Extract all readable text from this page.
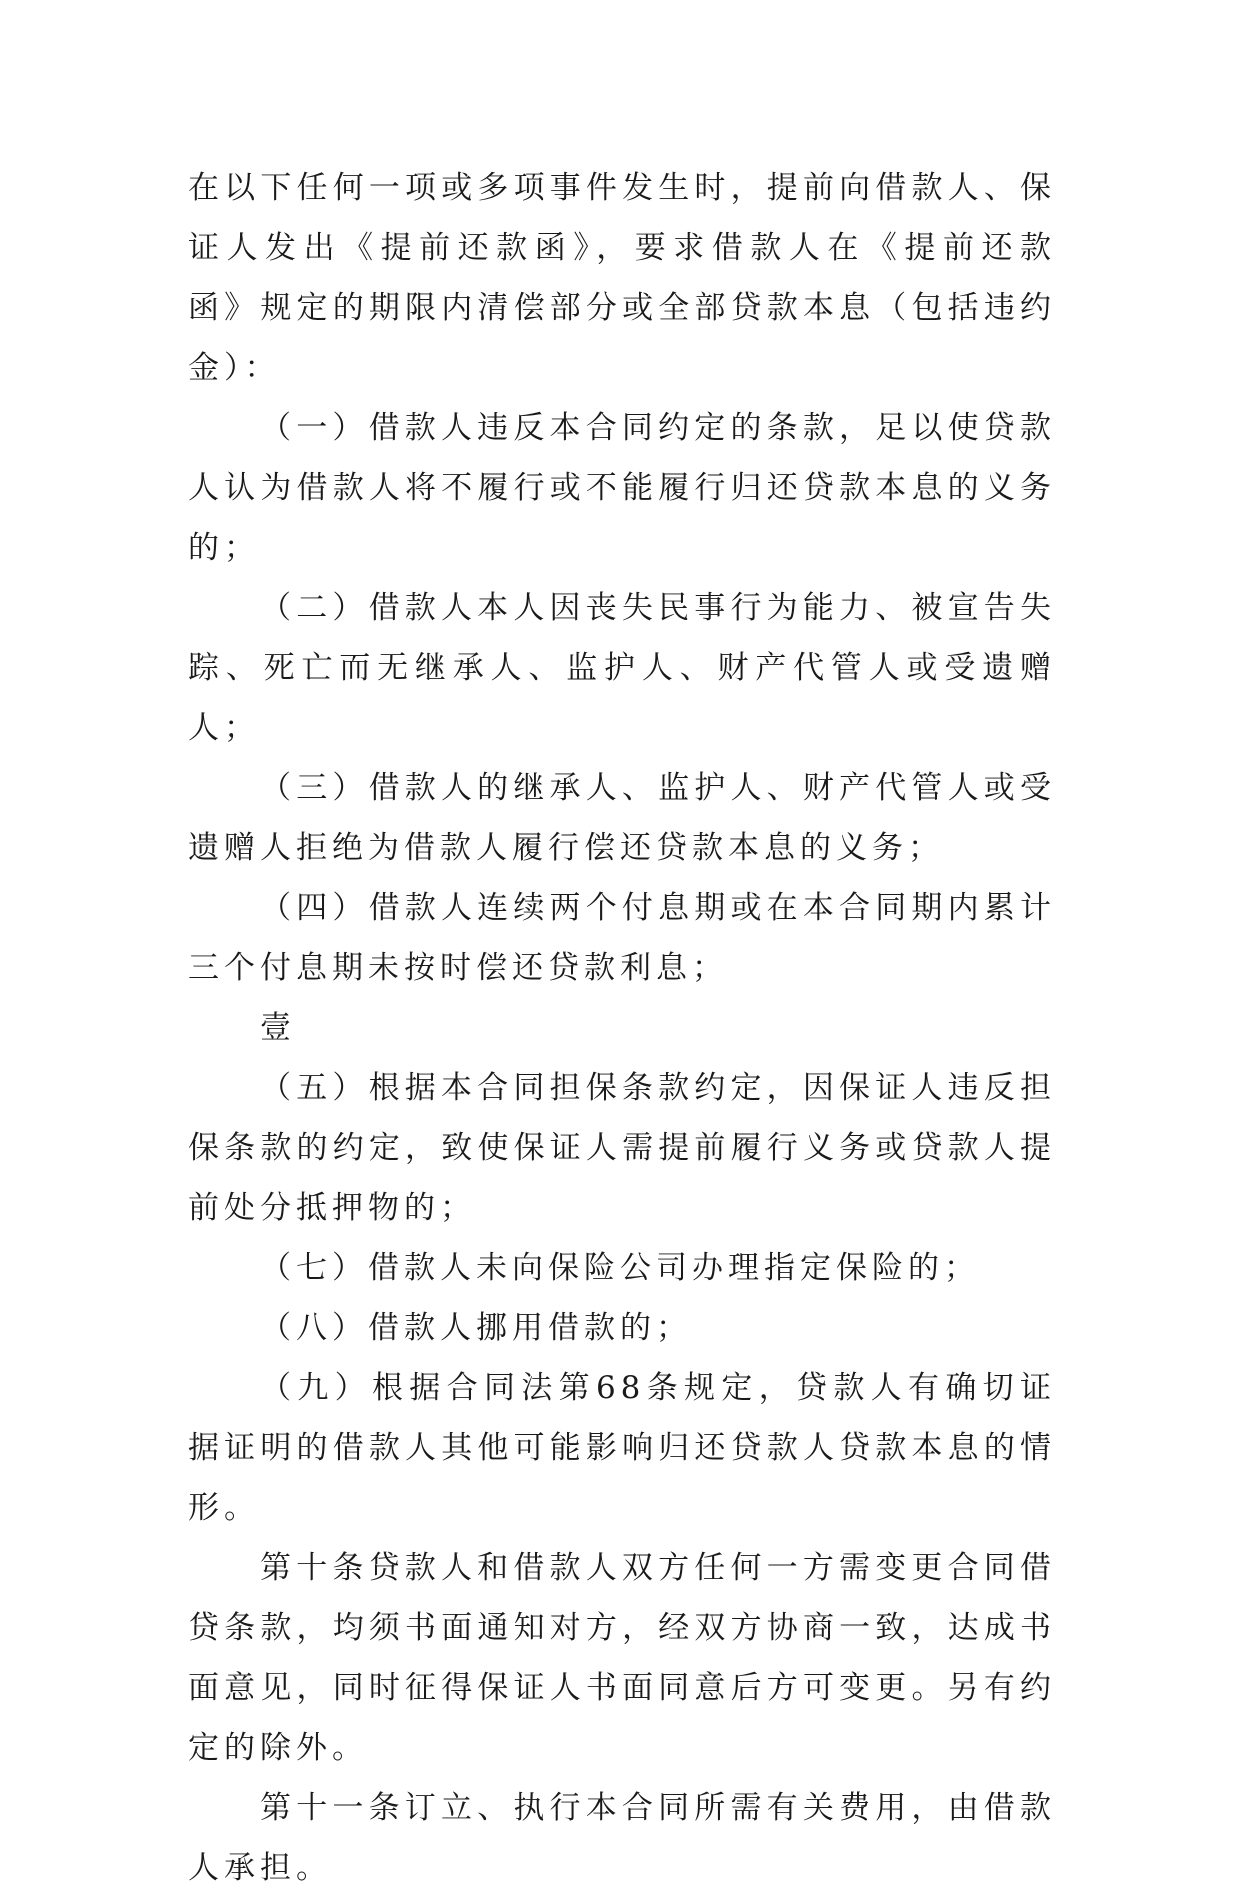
在以下任何一项或多项事件发生时，提前向借款人、保证人发出《提前还款函》，要求借款人在《提前还款函》规定的期限内清偿部分或全部贷款本息（包括违约金）：

（一）借款人违反本合同约定的条款，足以使贷款人认为借款人将不履行或不能履行归还贷款本息的义务的；

（二）借款人本人因丧失民事行为能力、被宣告失踪、死亡而无继承人、监护人、财产代管人或受遗赠人；

（三）借款人的继承人、监护人、财产代管人或受遗赠人拒绝为借款人履行偿还贷款本息的义务；

（四）借款人连续两个付息期或在本合同期内累计三个付息期未按时偿还贷款利息；

壹

（五）根据本合同担保条款约定，因保证人违反担保条款的约定，致使保证人需提前履行义务或贷款人提前处分抵押物的；

（七）借款人未向保险公司办理指定保险的；

（八）借款人挪用借款的；

（九）根据合同法第68条规定，贷款人有确切证据证明的借款人其他可能影响归还贷款人贷款本息的情形。

第十条贷款人和借款人双方任何一方需变更合同借贷条款，均须书面通知对方，经双方协商一致，达成书面意见，同时征得保证人书面同意后方可变更。另有约定的除外。

第十一条订立、执行本合同所需有关费用，由借款人承担。
